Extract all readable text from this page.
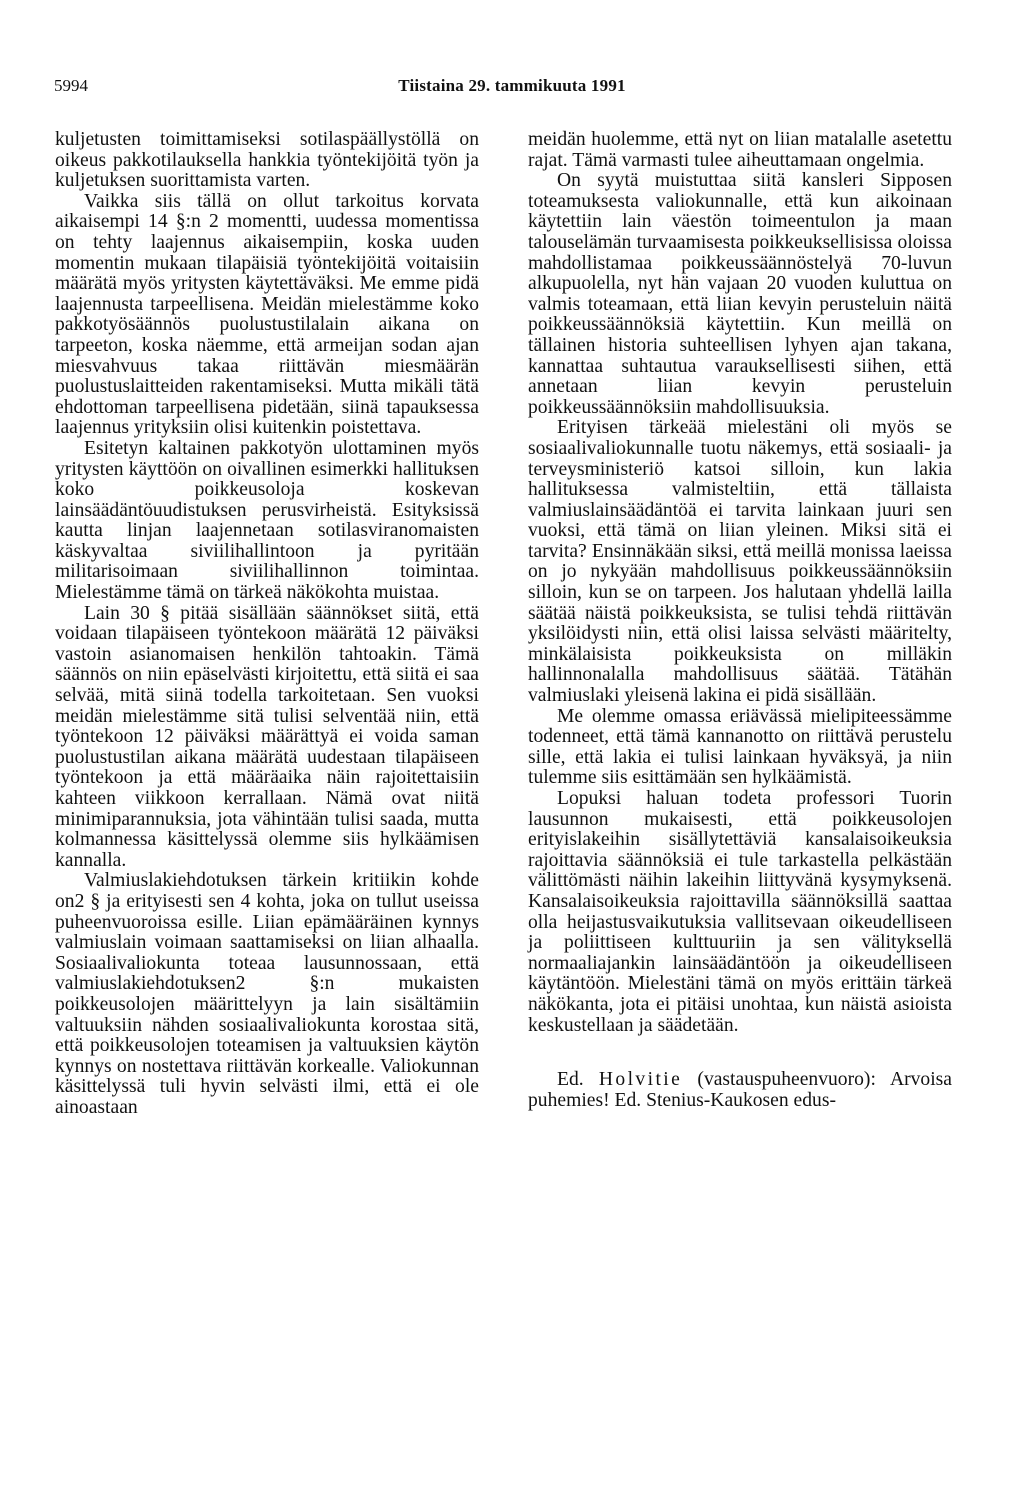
5994	Tiistaina 29. tammikuuta 1991

kuljetusten toimittamiseksi sotilaspäällystöllä on oikeus pakkotilauksella hankkia työntekijöitä työn ja kuljetuksen suorittamista varten.

Vaikka siis tällä on ollut tarkoitus korvata aikaisempi 14 §:n 2 momentti, uudessa momentissa on tehty laajennus aikaisempiin, koska uuden momentin mukaan tilapäisiä työntekijöitä voitaisiin määrätä myös yritysten käytettäväksi. Me emme pidä laajennusta tarpeellisena. Meidän mielestämme koko pakkotyösäännös puolustustilalain aikana on tarpeeton, koska näemme, että armeijan sodan ajan miesvahvuus takaa riittävän miesmäärän puolustuslaitteiden rakentamiseksi. Mutta mikäli tätä ehdottoman tarpeellisena pidetään, siinä tapauksessa laajennus yrityksiin olisi kuitenkin poistettava.

Esitetyn kaltainen pakkotyön ulottaminen myös yritysten käyttöön on oivallinen esimerkki hallituksen koko poikkeusoloja koskevan lainsäädäntöuudistuksen perusvirheistä. Esityksissä kautta linjan laajennetaan sotilasviranomaisten käskyvaltaa siviilihallintoon ja pyritään militarisoimaan siviilihallinnon toimintaa. Mielestämme tämä on tärkeä näkökohta muistaa.

Lain 30 § pitää sisällään säännökset siitä, että voidaan tilapäiseen työntekoon määrätä 12 päiväksi vastoin asianomaisen henkilön tahtoakin. Tämä säännös on niin epäselvästi kirjoitettu, että siitä ei saa selvää, mitä siinä todella tarkoitetaan. Sen vuoksi meidän mielestämme sitä tulisi selventää niin, että työntekoon 12 päiväksi määrättyä ei voida saman puolustustilan aikana määrätä uudestaan tilapäiseen työntekoon ja että määräaika näin rajoitettaisiin kahteen viikkoon kerrallaan. Nämä ovat niitä minimiparannuksia, jota vähintään tulisi saada, mutta kolmannessa käsittelyssä olemme siis hylkäämisen kannalla.

Valmiuslakiehdotuksen tärkein kritiikin kohde on2 § ja erityisesti sen 4 kohta, joka on tullut useissa puheenvuoroissa esille. Liian epämääräinen kynnys valmiuslain voimaan saattamiseksi on liian alhaalla. Sosiaalivaliokunta toteaa lausunnossaan, että valmiuslakiehdotuksen2 §:n mukaisten poikkeusolojen määrittelyyn ja lain sisältämiin valtuuksiin nähden sosiaalivaliokunta korostaa sitä, että poikkeusolojen toteamisen ja valtuuksien käytön kynnys on nostettava riittävän korkealle. Valiokunnan käsittelyssä tuli hyvin selvästi ilmi, että ei ole ainoastaan

meidän huolemme, että nyt on liian matalalle asetettu rajat. Tämä varmasti tulee aiheuttamaan ongelmia.

On syytä muistuttaa siitä kansleri Sipposen toteamuksesta valiokunnalle, että kun aikoinaan käytettiin lain väestön toimeentulon ja maan talouselämän turvaamisesta poikkeuksellisissa oloissa mahdollistamaa poikkeussäännöstelyä 70-luvun alkupuolella, nyt hän vajaan 20 vuoden kuluttua on valmis toteamaan, että liian kevyin perusteluin näitä poikkeussäännöksiä käytettiin. Kun meillä on tällainen historia suhteellisen lyhyen ajan takana, kannattaa suhtautua varauksellisesti siihen, että annetaan liian kevyin perusteluin poikkeussäännöksiin mahdollisuuksia.

Erityisen tärkeää mielestäni oli myös se sosiaalivaliokunnalle tuotu näkemys, että sosiaali- ja terveysministeriö katsoi silloin, kun lakia hallituksessa valmisteltiin, että tällaista valmiuslainsäädäntöä ei tarvita lainkaan juuri sen vuoksi, että tämä on liian yleinen. Miksi sitä ei tarvita? Ensinnäkään siksi, että meillä monissa laeissa on jo nykyään mahdollisuus poikkeussäännöksiin silloin, kun se on tarpeen. Jos halutaan yhdellä lailla säätää näistä poikkeuksista, se tulisi tehdä riittävän yksilöidysti niin, että olisi laissa selvästi määritelty, minkälaisista poikkeuksista on milläkin hallinnonalalla mahdollisuus säätää. Tätähän valmiuslaki yleisenä lakina ei pidä sisällään.

Me olemme omassa eriävässä mielipiteessämme todenneet, että tämä kannanotto on riittävä perustelu sille, että lakia ei tulisi lainkaan hyväksyä, ja niin tulemme siis esittämään sen hylkäämistä.

Lopuksi haluan todeta professori Tuorin lausunnon mukaisesti, että poikkeusolojen erityislakeihin sisällytettäviä kansalaisoikeuksia rajoittavia säännöksiä ei tule tarkastella pelkästään välittömästi näihin lakeihin liittyvänä kysymyksenä. Kansalaisoikeuksia rajoittavilla säännöksillä saattaa olla heijastusvaikutuksia vallitsevaan oikeudelliseen ja poliittiseen kulttuuriin ja sen välityksellä normaaliajankin lainsäädäntöön ja oikeudelliseen käytäntöön. Mielestäni tämä on myös erittäin tärkeä näkökanta, jota ei pitäisi unohtaa, kun näistä asioista keskustellaan ja säädetään.

Ed. Holvitie (vastauspuheenvuoro): Arvoisa puhemies! Ed. Stenius-Kaukosen edus-
